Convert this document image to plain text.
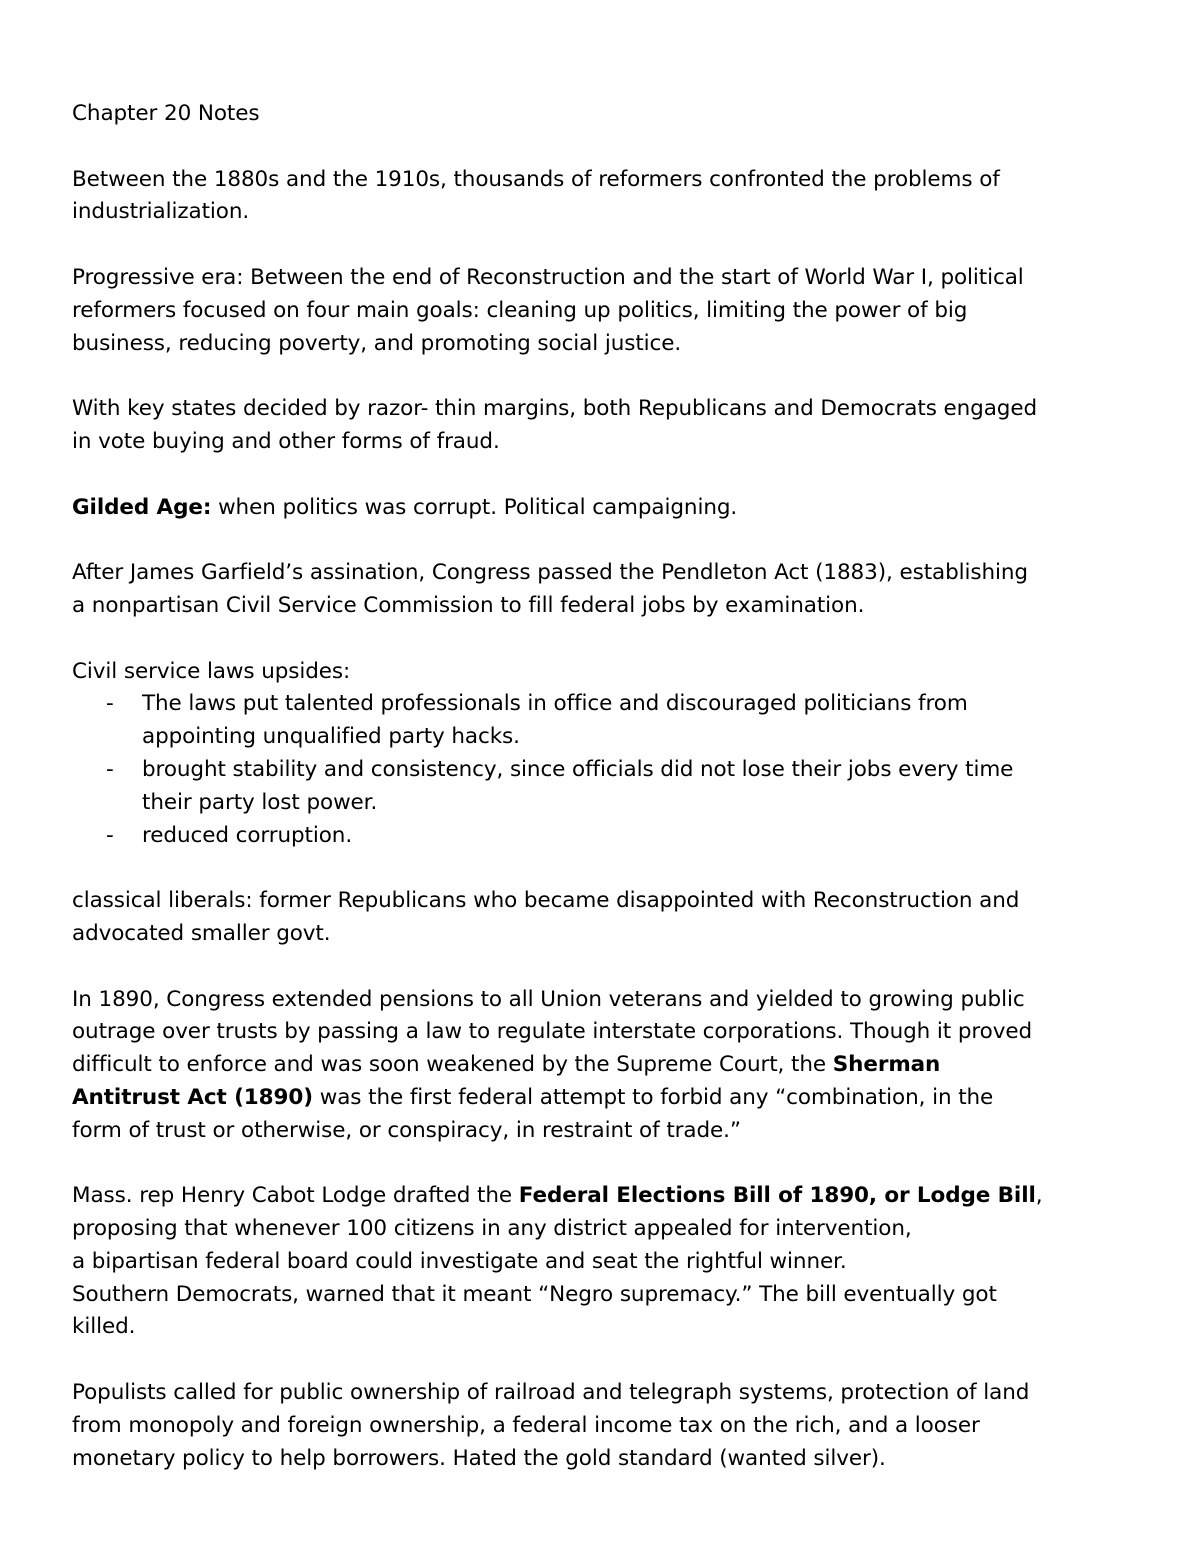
Chapter 20 Notes

Between the 1880s and the 1910s, thousands of reformers confronted the problems of
industrialization.

Progressive era: Between the end of Reconstruction and the start of World War I, political
reformers focused on four main goals: cleaning up politics, limiting the power of big
business, reducing poverty, and promoting social justice.

With key states decided by razor- thin margins, both Republicans and Democrats engaged
in vote buying and other forms of fraud.

Gilded Age: when politics was corrupt. Political campaigning.

After James Garfield’s assination, Congress passed the Pendleton Act (1883), establishing
a nonpartisan Civil Service Commission to fill federal jobs by examination.

Civil service laws upsides:

- The laws put talented professionals in office and discouraged politicians from
appointing unqualified party hacks.
- brought stability and consistency, since officials did not lose their jobs every time
their party lost power.
- reduced corruption.

classical liberals: former Republicans who became disappointed with Reconstruction and
advocated smaller govt.

In 1890, Congress extended pensions to all Union veterans and yielded to growing public
outrage over trusts by passing a law to regulate interstate corporations. Though it proved
difficult to enforce and was soon weakened by the Supreme Court, the Sherman
Antitrust Act (1890) was the first federal attempt to forbid any “combination, in the
form of trust or otherwise, or conspiracy, in restraint of trade.”

Mass. rep Henry Cabot Lodge drafted the Federal Elections Bill of 1890, or Lodge Bill,
proposing that whenever 100 citizens in any district appealed for intervention,
a bipartisan federal board could investigate and seat the rightful winner.
Southern Democrats, warned that it meant “Negro supremacy.” The bill eventually got
killed.

Populists called for public ownership of railroad and telegraph systems, protection of land
from monopoly and foreign ownership, a federal income tax on the rich, and a looser
monetary policy to help borrowers. Hated the gold standard (wanted silver).
